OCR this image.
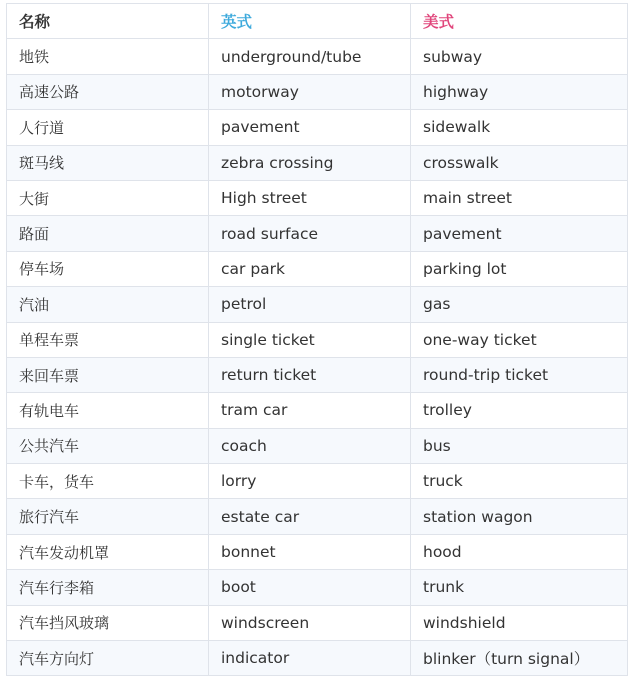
名称	英式	美式
地铁	underground/tube	subway
高速公路	motorway	highway
人行道	pavement	sidewalk
斑马线	zebra crossing	crosswalk
大街	High street	main street
路面	road surface	pavement
停车场	car park	parking lot
汽油	petrol	gas
单程车票	single ticket	one-way ticket
来回车票	return ticket	round-trip ticket
有轨电车	tram car	trolley
公共汽车	coach	bus
卡车，货车	lorry	truck
旅行汽车	estate car	station wagon
汽车发动机罩	bonnet	hood
汽车行李箱	boot	trunk
汽车挡风玻璃	windscreen	windshield
汽车方向灯	indicator	blinker（turn signal）
